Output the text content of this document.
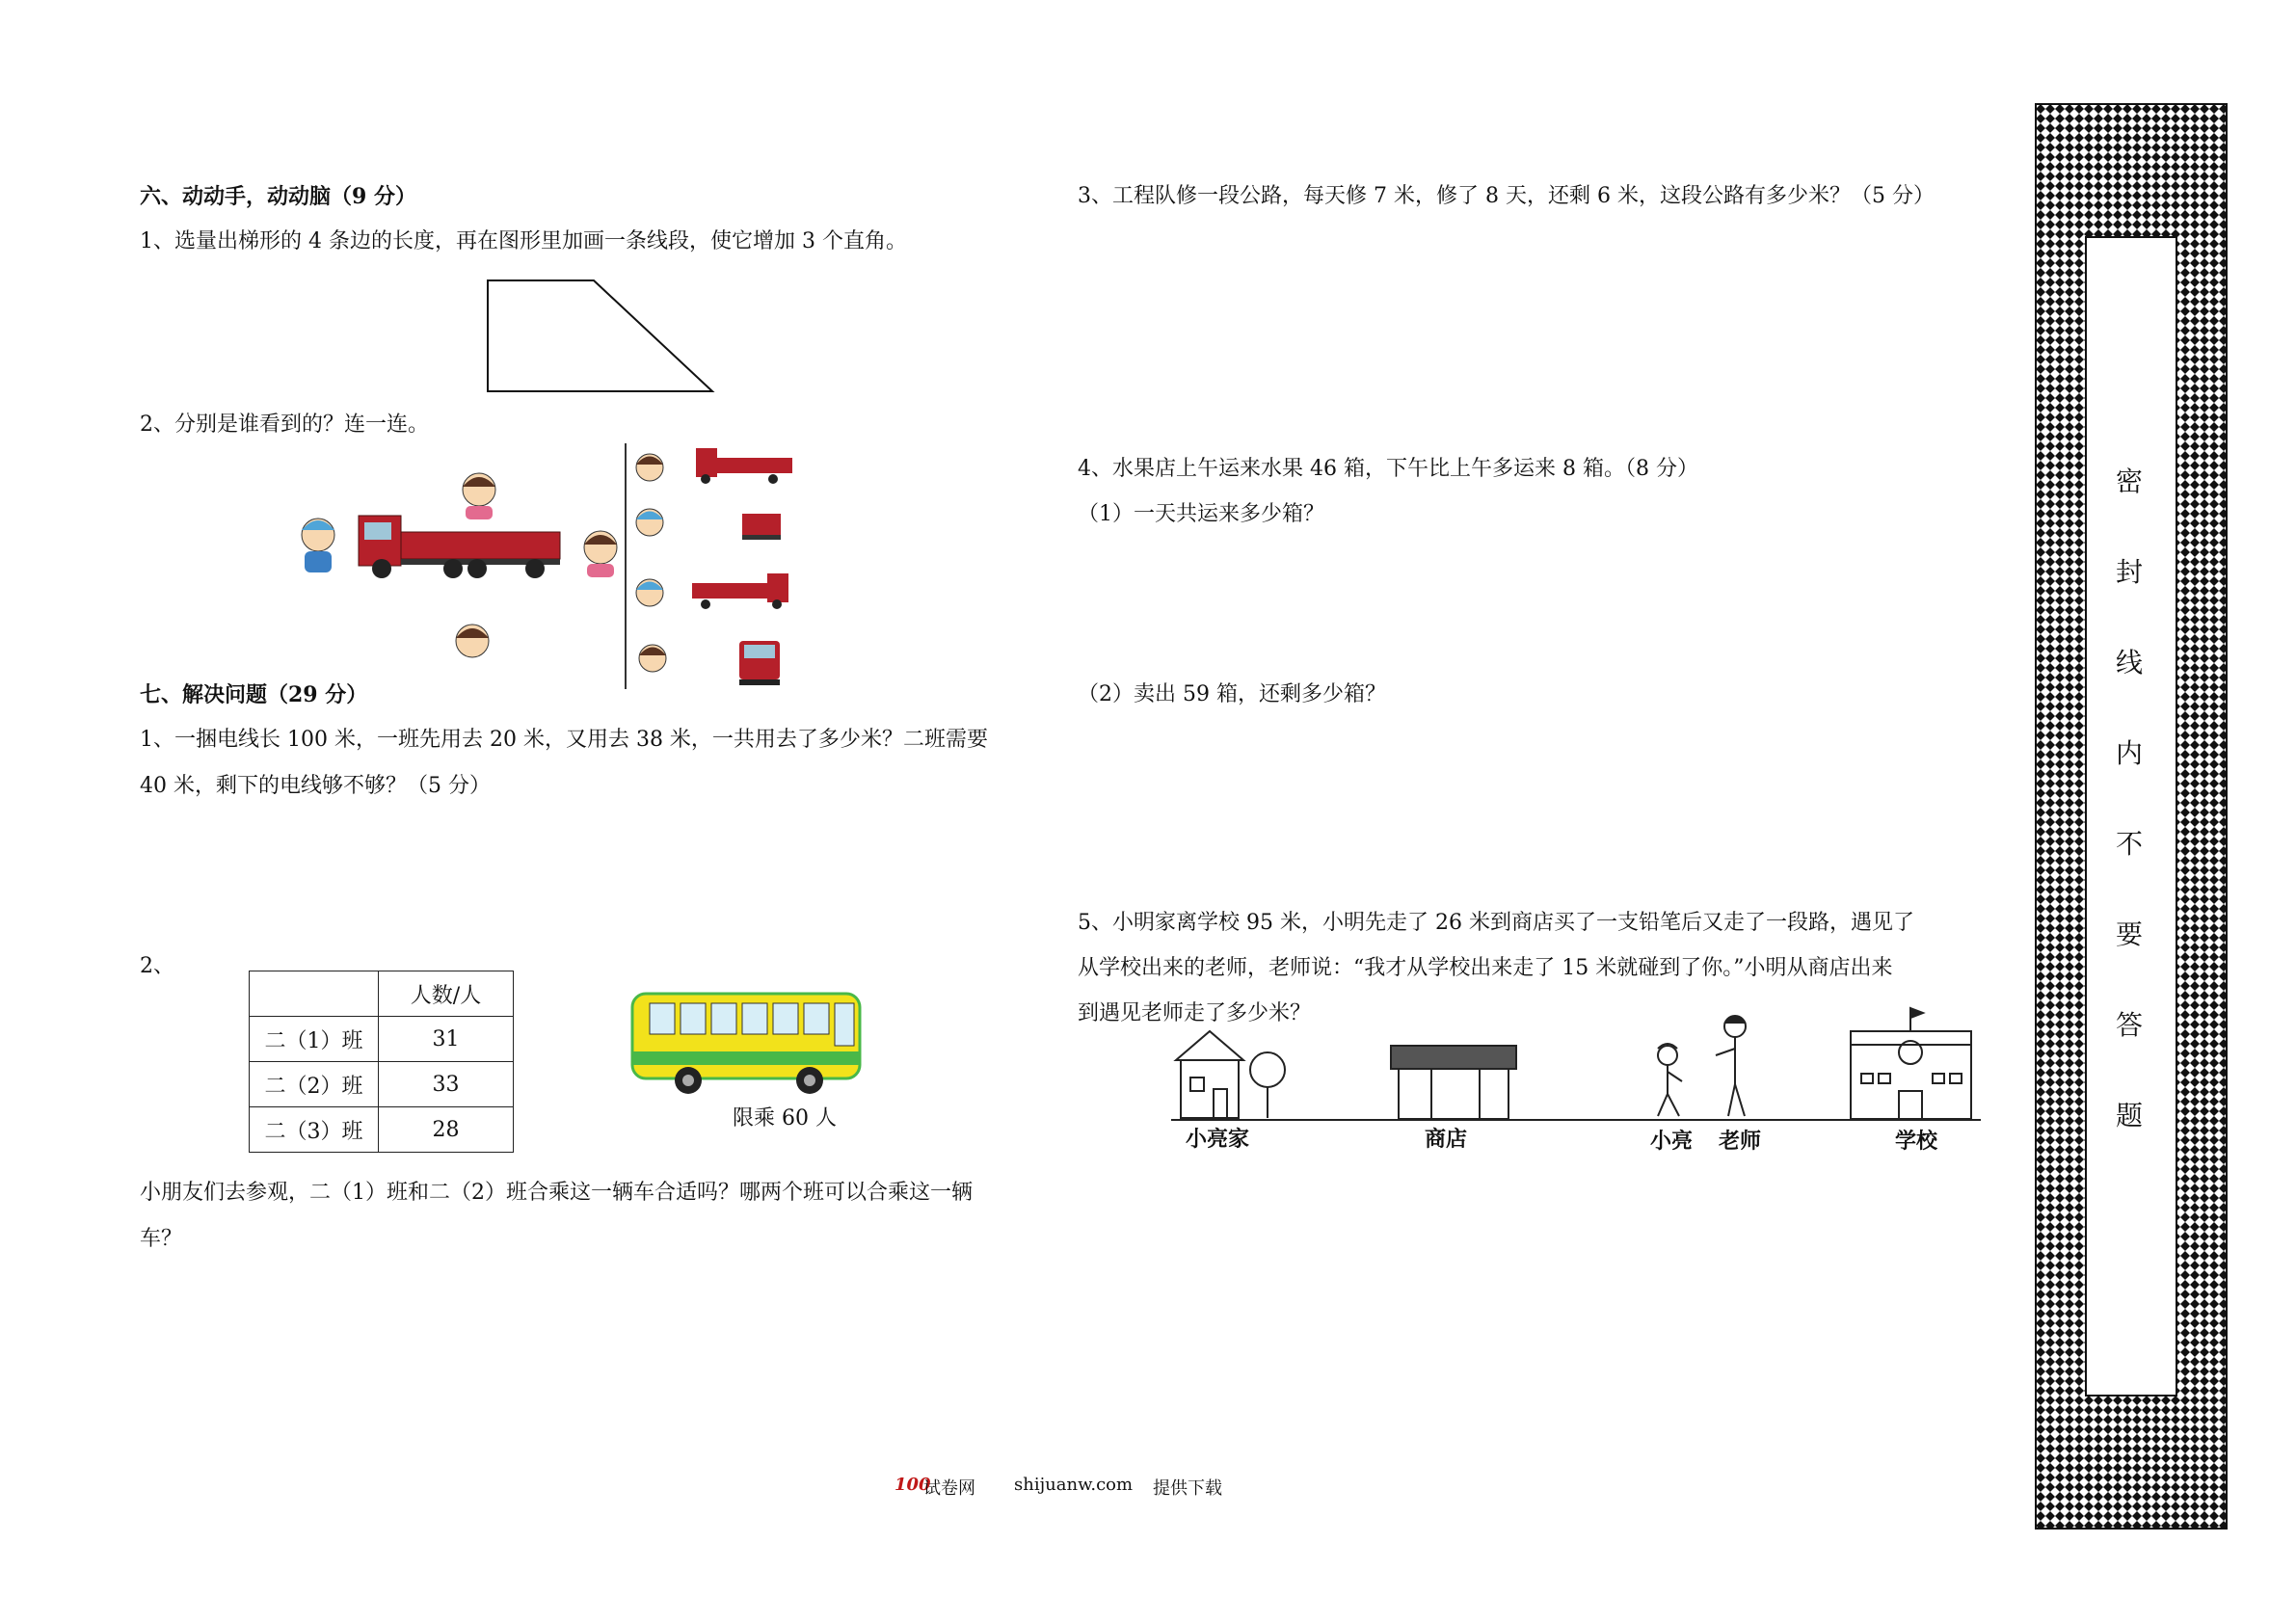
六、动动手，动动脑（9 分）
1、选量出梯形的 4 条边的长度，再在图形里加画一条线段，使它增加 3 个直角。
2、分别是谁看到的？连一连。
七、解决问题（29 分）
1、一捆电线长 100 米，一班先用去 20 米，又用去 38 米，一共用去了多少米？二班需要
40 米，剩下的电线够不够？（5 分）
2、
	人数/人
二（1）班	31
二（2）班	33
二（3）班	28	限乘 60 人
小朋友们去参观，二（1）班和二（2）班合乘这一辆车合适吗？哪两个班可以合乘这一辆
车？
3、工程队修一段公路，每天修 7 米，修了 8 天，还剩 6 米，这段公路有多少米？（5 分）
4、水果店上午运来水果 46 箱，下午比上午多运来 8 箱。（8 分）
（1）一天共运来多少箱？
（2）卖出 59 箱，还剩多少箱？
5、小明家离学校 95 米，小明先走了 26 米到商店买了一支铅笔后又走了一段路，遇见了
从学校出来的老师，老师说：“我才从学校出来走了 15 米就碰到了你。”小明从商店出来
到遇见老师走了多少米？
小亮家	商店	小亮 老师	学校
100
试卷网 shijuanw.com 提供下载
密
封
线
内
不
要
答
题
